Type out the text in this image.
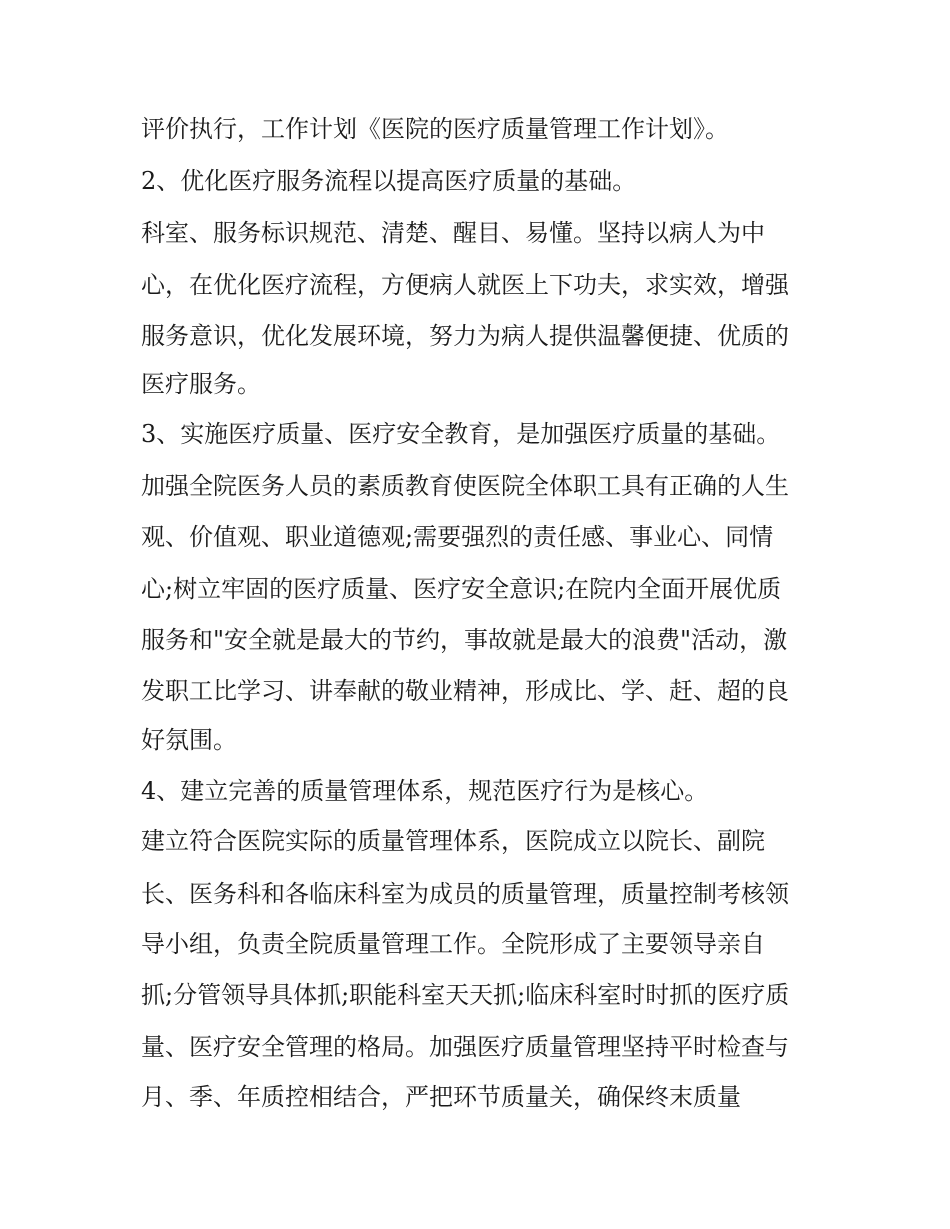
评价执行，工作计划《医院的医疗质量管理工作计划》。
2、优化医疗服务流程以提高医疗质量的基础。
科室、服务标识规范、清楚、醒目、易懂。坚持以病人为中
心，在优化医疗流程，方便病人就医上下功夫，求实效，增强
服务意识，优化发展环境，努力为病人提供温馨便捷、优质的
医疗服务。
3、实施医疗质量、医疗安全教育，是加强医疗质量的基础。
加强全院医务人员的素质教育使医院全体职工具有正确的人生
观、价值观、职业道德观;需要强烈的责任感、事业心、同情
心;树立牢固的医疗质量、医疗安全意识;在院内全面开展优质
服务和"安全就是最大的节约，事故就是最大的浪费"活动，激
发职工比学习、讲奉献的敬业精神，形成比、学、赶、超的良
好氛围。
4、建立完善的质量管理体系，规范医疗行为是核心。
建立符合医院实际的质量管理体系，医院成立以院长、副院
长、医务科和各临床科室为成员的质量管理，质量控制考核领
导小组，负责全院质量管理工作。全院形成了主要领导亲自
抓;分管领导具体抓;职能科室天天抓;临床科室时时抓的医疗质
量、医疗安全管理的格局。加强医疗质量管理坚持平时检查与
月、季、年质控相结合，严把环节质量关，确保终末质量
